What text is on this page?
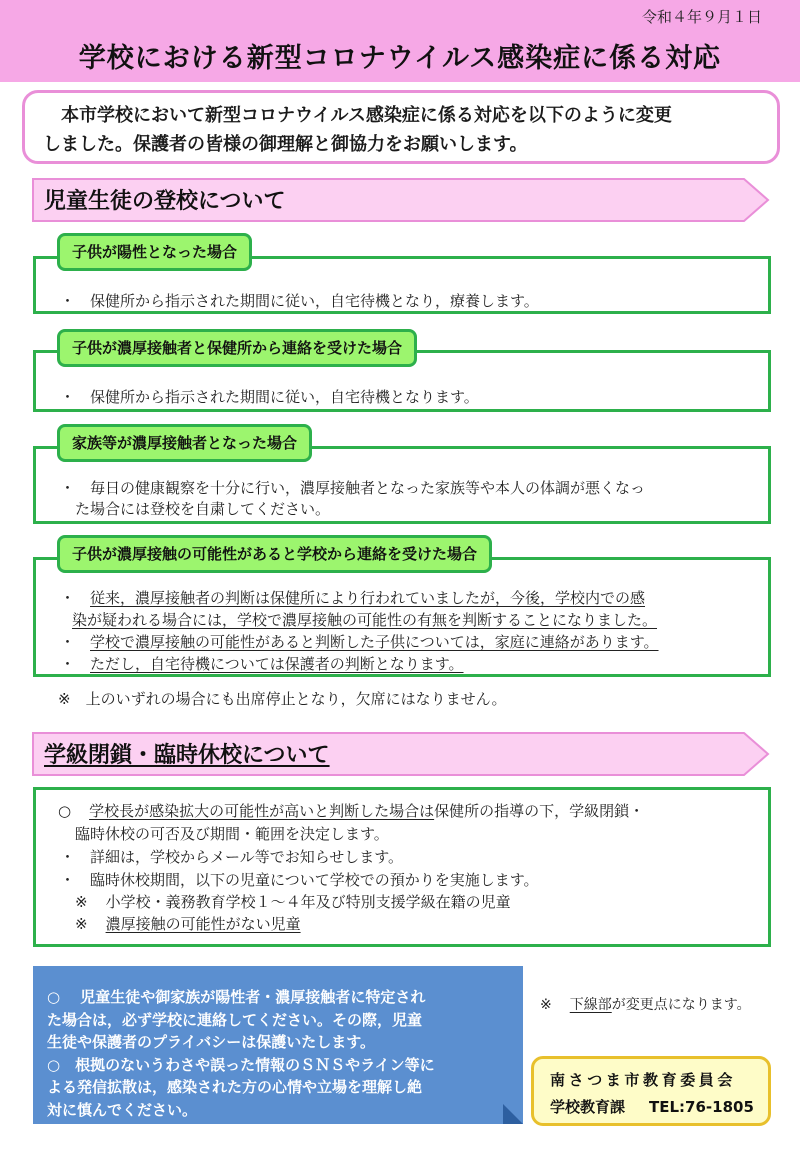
令和４年９月１日
学校における新型コロナウイルス感染症に係る対応
本市学校において新型コロナウイルス感染症に係る対応を以下のように変更
しました。保護者の皆様の御理解と御協力をお願いします。
児童生徒の登校について
子供が陽性となった場合
・　保健所から指示された期間に従い，自宅待機となり，療養します。
子供が濃厚接触者と保健所から連絡を受けた場合
・　保健所から指示された期間に従い，自宅待機となります。
家族等が濃厚接触者となった場合
・　毎日の健康観察を十分に行い，濃厚接触者となった家族等や本人の体調が悪くなっ
た場合には登校を自粛してください。
子供が濃厚接触の可能性があると学校から連絡を受けた場合
・ 従来，濃厚接触者の判断は保健所により行われていましたが，今後，学校内での感
染が疑われる場合には，学校で濃厚接触の可能性の有無を判断することになりました。
・ 学校で濃厚接触の可能性があると判断した子供については，家庭に連絡があります。
・ ただし，自宅待機については保護者の判断となります。
※　上のいずれの場合にも出席停止となり，欠席にはなりません。
学級閉鎖・臨時休校について
○ 学校長が感染拡大の可能性が高いと判断した場合は保健所の指導の下，学級閉鎖・
臨時休校の可否及び期間・範囲を決定します。
・　詳細は，学校からメール等でお知らせします。
・　臨時休校期間，以下の児童について学校での預かりを実施します。
※ 小学校・義務教育学校１～４年及び特別支援学級在籍の児童
※ 濃厚接触の可能性がない児童
○　 児童生徒や御家族が陽性者・濃厚接触者に特定され
た場合は，必ず学校に連絡してください。その際，児童
生徒や保護者のプライバシーは保護いたします。
○　根拠のないうわさや誤った情報のＳＮＳやライン等に
よる発信拡散は，感染された方の心情や立場を理解し絶
対に慎んでください。
※ 下線部が変更点になります。
南さつま市教育委員会
学校教育課 TEL:76-1805
